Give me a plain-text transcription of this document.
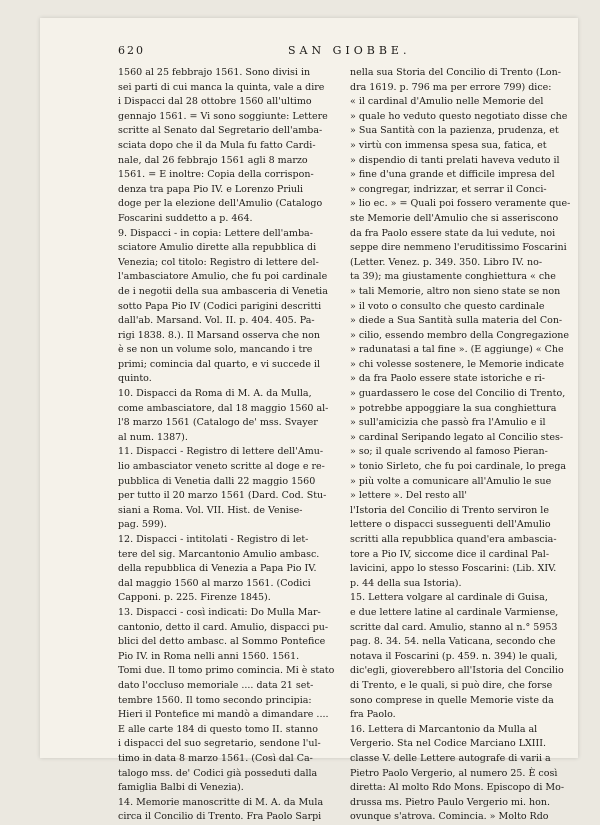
620	SAN GIOBBE.
1560 al 25 febbrajo 1561. Sono divisi in
sei parti di cui manca la quinta, vale a dire
i Dispacci dal 28 ottobre 1560 all'ultimo
gennajo 1561. = Vi sono soggiunte: Lettere
scritte al Senato dal Segretario dell'amba-
sciata dopo che il da Mula fu fatto Cardi-
nale, dal 26 febbrajo 1561 agli 8 marzo
1561. = E inoltre: Copia della corrispon-
denza tra papa Pio IV. e Lorenzo Priuli
doge per la elezione dell'Amulio (Catalogo
Foscarini suddetto a p. 464.
9. Dispacci - in copia: Lettere dell'amba-
sciatore Amulio dirette alla repubblica di
Venezia; col titolo: Registro di lettere del-
l'ambasciatore Amulio, che fu poi cardinale
de i negotii della sua ambasceria di Venetia
sotto Papa Pio IV (Codici parigini descritti
dall'ab. Marsand. Vol. II. p. 404. 405. Pa-
rigi 1838. 8.). Il Marsand osserva che non
è se non un volume solo, mancando i tre
primi; comincia dal quarto, e vi succede il
quinto.
10. Dispacci da Roma di M. A. da Mulla,
come ambasciatore, dal 18 maggio 1560 al-
l'8 marzo 1561 (Catalogo de' mss. Svayer
al num. 1387).
11. Dispacci - Registro di lettere dell'Amu-
lio ambasciator veneto scritte al doge e re-
pubblica di Venetia dalli 22 maggio 1560
per tutto il 20 marzo 1561 (Dard. Cod. Stu-
siani a Roma. Vol. VII. Hist. de Venise-
pag. 599).
12. Dispacci - intitolati - Registro di let-
tere del sig. Marcantonio Amulio ambasc.
della repubblica di Venezia a Papa Pio IV.
dal maggio 1560 al marzo 1561. (Codici
Capponi. p. 225. Firenze 1845).
13. Dispacci - così indicati: Do Mulla Mar-
cantonio, detto il card. Amulio, dispacci pu-
blici del detto ambasc. al Sommo Pontefice
Pio IV. in Roma nelli anni 1560. 1561.
Tomi due. Il tomo primo comincia. Mi è stato
dato l'occluso memoriale .... data 21 set-
tembre 1560. Il tomo secondo principia:
Hieri il Pontefice mi mandò a dimandare ....
E alle carte 184 di questo tomo II. stanno
i dispacci del suo segretario, sendone l'ul-
timo in data 8 marzo 1561. (Così dal Ca-
talogo mss. de' Codici già posseduti dalla
famiglia Balbi di Venezia).
14. Memorie manoscritte di M. A. da Mula
circa il Concilio di Trento. Fra Paolo Sarpi
nella sua Storia del Concilio di Trento (Lon-
dra 1619. p. 796 ma per errore 799) dice:
« il cardinal d'Amulio nelle Memorie del
» quale ho veduto questo negotiato disse che
» Sua Santità con la pazienza, prudenza, et
» virtù con immensa spesa sua, fatica, et
» dispendio di tanti prelati haveva veduto il
» fine d'una grande et difficile impresa del
» congregar, indrizzar, et serrar il Conci-
» lio ec. » = Quali poi fossero veramente que-
ste Memorie dell'Amulio che si asseriscono
da fra Paolo essere state da lui vedute, noi
seppe dire nemmeno l'eruditissimo Foscarini
(Letter. Venez. p. 349. 350. Libro IV. no-
ta 39); ma giustamente conghiettura « che
» tali Memorie, altro non sieno state se non
» il voto o consulto che questo cardinale
» diede a Sua Santità sulla materia del Con-
» cilio, essendo membro della Congregazione
» radunatasi a tal fine ». (E aggiunge) « Che
» chi volesse sostenere, le Memorie indicate
» da fra Paolo essere state istoriche e ri-
» guardassero le cose del Concilio di Trento,
» potrebbe appoggiare la sua conghiettura
» sull'amicizia che passò fra l'Amulio e il
» cardinal Seripando legato al Concilio stes-
» so; il quale scrivendo al famoso Pieran-
» tonio Sirleto, che fu poi cardinale, lo prega
» più volte a comunicare all'Amulio le sue
» lettere ». Del resto all'
l'Istoria del Concilio di Trento serviron le
lettere o dispacci susseguenti dell'Amulio
scritti alla repubblica quand'era ambascia-
tore a Pio IV, siccome dice il cardinal Pal-
lavicini, appo lo stesso Foscarini: (Lib. XIV.
p. 44 della sua Istoria).
15. Lettera volgare al cardinale di Guisa,
e due lettere latine al cardinale Varmiense,
scritte dal card. Amulio, stanno al n.° 5953
pag. 8. 34. 54. nella Vaticana, secondo che
notava il Foscarini (p. 459. n. 394) le quali,
dic'egli, gioverebbero all'Istoria del Concilio
di Trento, e le quali, si può dire, che forse
sono comprese in quelle Memorie viste da
fra Paolo.
16. Lettera di Marcantonio da Mulla al
Vergerio. Sta nel Codice Marciano LXIII.
classe V. delle Lettere autografe di varii a
Pietro Paolo Vergerio, al numero 25. È così
diretta: Al molto Rdo Mons. Episcopo di Mo-
drussa ms. Pietro Paulo Vergerio mi. hon.
ovunque s'atrova. Comincia. » Molto Rdo
